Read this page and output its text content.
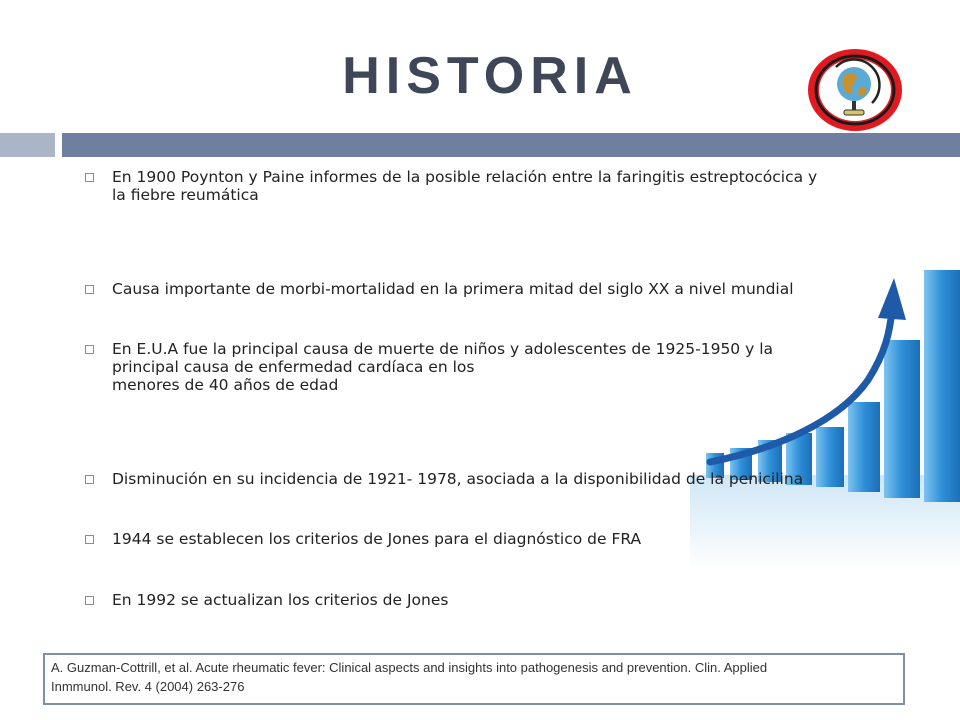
HISTORIA
En 1900 Poynton y Paine informes de la posible relación entre la faringitis estreptocócica y
la fiebre reumática
Causa importante de morbi-mortalidad en la primera mitad del siglo XX a nivel mundial
En E.U.A fue la principal causa de muerte de niños y adolescentes de 1925-1950 y la
principal causa de enfermedad cardíaca en los
menores de 40 años de edad
Disminución en su incidencia de 1921- 1978, asociada a la disponibilidad de la penicilina
1944 se establecen los criterios de Jones para el diagnóstico de FRA
En 1992 se actualizan los criterios de Jones
A. Guzman-Cottrill, et al. Acute rheumatic fever: Clinical aspects and insights into pathogenesis and prevention. Clin. Applied
Inmmunol. Rev. 4 (2004) 263-276
